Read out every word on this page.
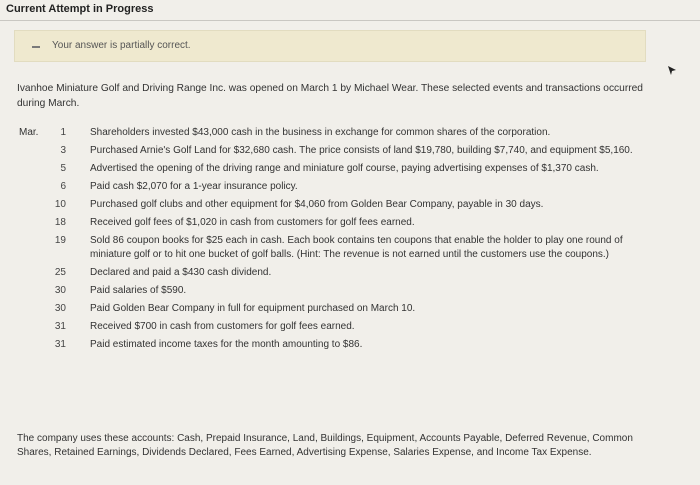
Current Attempt in Progress
Your answer is partially correct.
Ivanhoe Miniature Golf and Driving Range Inc. was opened on March 1 by Michael Wear. These selected events and transactions occurred during March.
Mar.	1 Shareholders invested $43,000 cash in the business in exchange for common shares of the corporation.
3 Purchased Arnie's Golf Land for $32,680 cash. The price consists of land $19,780, building $7,740, and equipment $5,160.
5 Advertised the opening of the driving range and miniature golf course, paying advertising expenses of $1,370 cash.
6 Paid cash $2,070 for a 1-year insurance policy.
10 Purchased golf clubs and other equipment for $4,060 from Golden Bear Company, payable in 30 days.
18 Received golf fees of $1,020 in cash from customers for golf fees earned.
19 Sold 86 coupon books for $25 each in cash. Each book contains ten coupons that enable the holder to play one round of miniature golf or to hit one bucket of golf balls. (Hint: The revenue is not earned until the customers use the coupons.)
25 Declared and paid a $430 cash dividend.
30 Paid salaries of $590.
30 Paid Golden Bear Company in full for equipment purchased on March 10.
31 Received $700 in cash from customers for golf fees earned.
31 Paid estimated income taxes for the month amounting to $86.
The company uses these accounts: Cash, Prepaid Insurance, Land, Buildings, Equipment, Accounts Payable, Deferred Revenue, Common Shares, Retained Earnings, Dividends Declared, Fees Earned, Advertising Expense, Salaries Expense, and Income Tax Expense.
